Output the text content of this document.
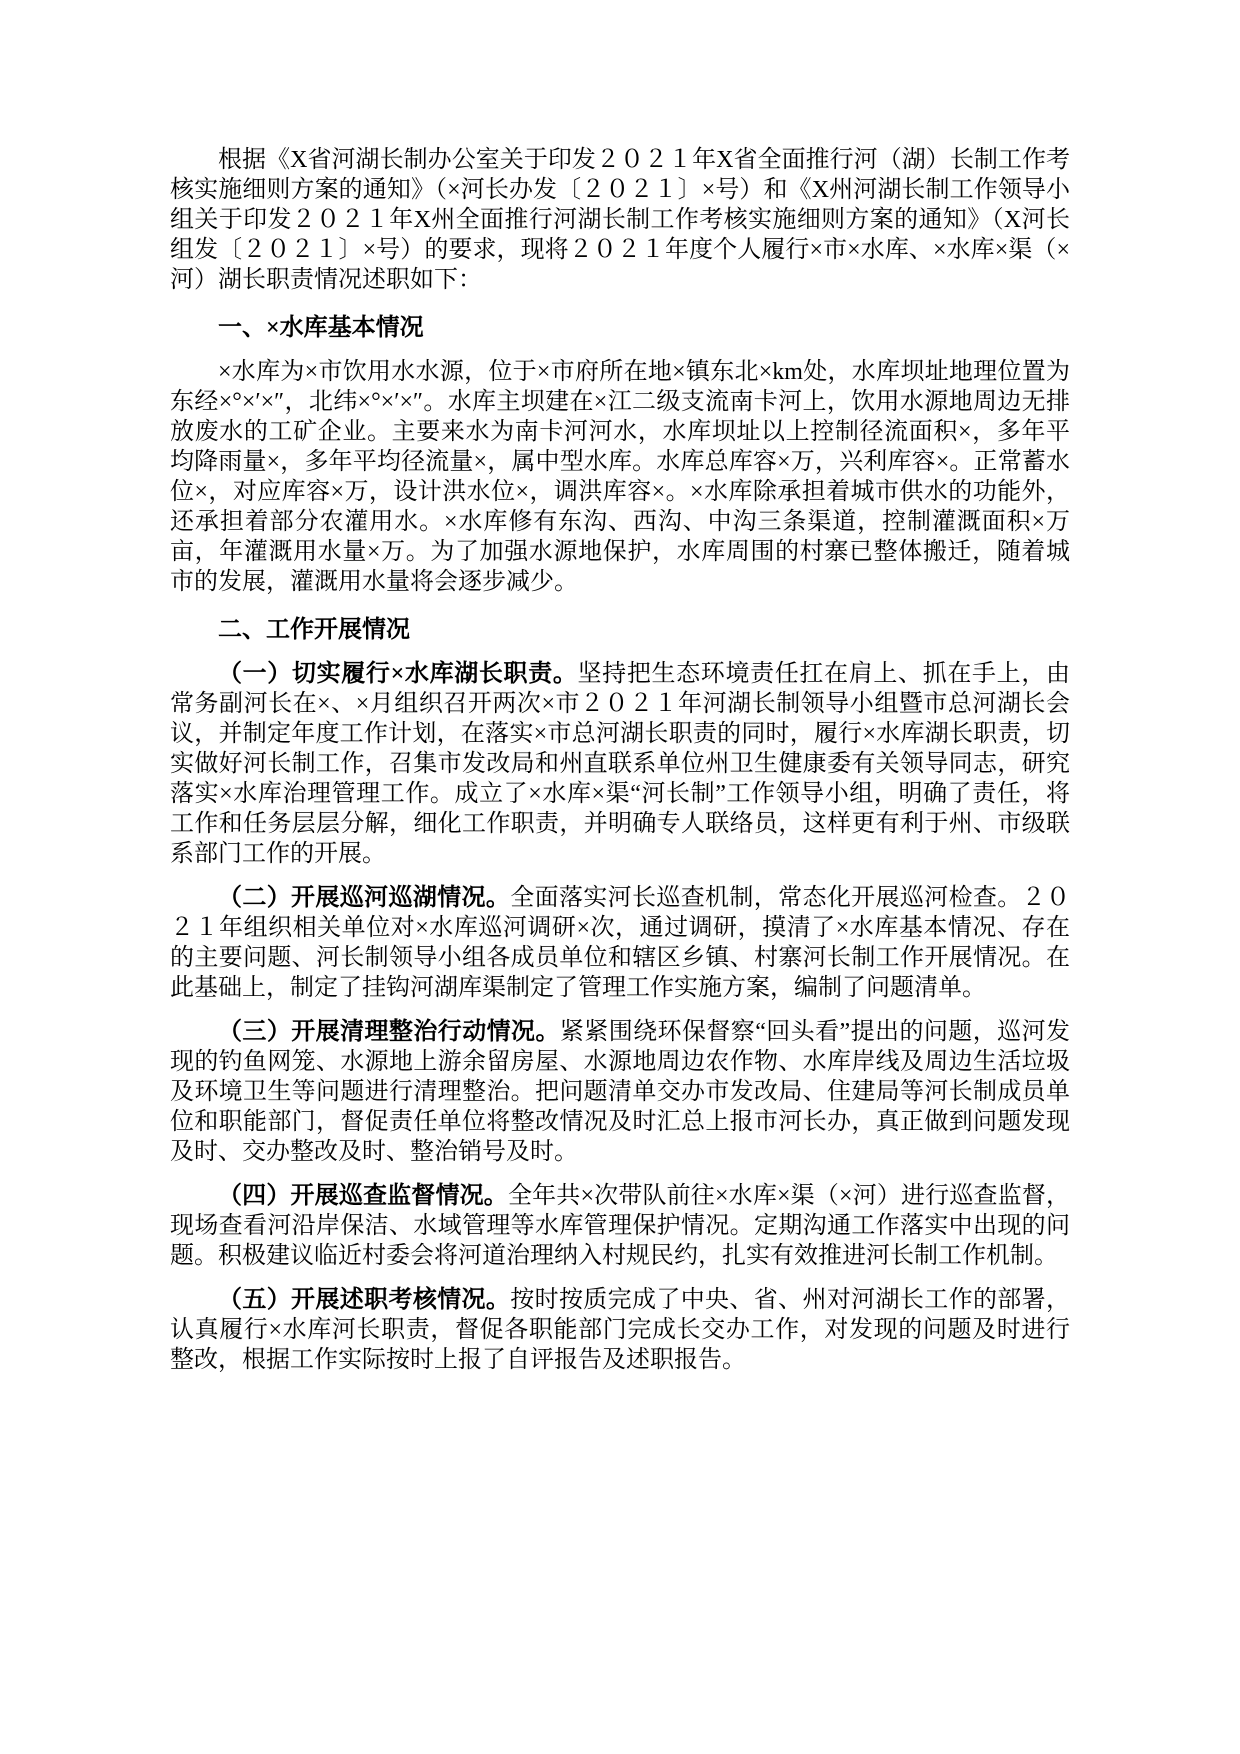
根据《X省河湖长制办公室关于印发２０２１年X省全面推行河（湖）长制工作考核实施细则方案的通知》（×河长办发〔２０２１〕×号）和《X州河湖长制工作领导小组关于印发２０２１年X州全面推行河湖长制工作考核实施细则方案的通知》（X河长组发〔２０２１〕×号）的要求，现将２０２１年度个人履行×市×水库、×水库×渠（×河）湖长职责情况述职如下：

一、×水库基本情况

×水库为×市饮用水水源，位于×市府所在地×镇东北×km处，水库坝址地理位置为东经×°×′×″，北纬×°×′×″。水库主坝建在×江二级支流南卡河上，饮用水源地周边无排放废水的工矿企业。主要来水为南卡河河水，水库坝址以上控制径流面积×，多年平均降雨量×，多年平均径流量×，属中型水库。水库总库容×万，兴利库容×。正常蓄水位×，对应库容×万，设计洪水位×，调洪库容×。×水库除承担着城市供水的功能外，还承担着部分农灌用水。×水库修有东沟、西沟、中沟三条渠道，控制灌溉面积×万亩，年灌溉用水量×万。为了加强水源地保护，水库周围的村寨已整体搬迁，随着城市的发展，灌溉用水量将会逐步减少。

二、工作开展情况

（一）切实履行×水库湖长职责。坚持把生态环境责任扛在肩上、抓在手上，由常务副河长在×、×月组织召开两次×市２０２１年河湖长制领导小组暨市总河湖长会议，并制定年度工作计划，在落实×市总河湖长职责的同时，履行×水库湖长职责，切实做好河长制工作，召集市发改局和州直联系单位州卫生健康委有关领导同志，研究落实×水库治理管理工作。成立了×水库×渠“河长制”工作领导小组，明确了责任，将工作和任务层层分解，细化工作职责，并明确专人联络员，这样更有利于州、市级联系部门工作的开展。

（二）开展巡河巡湖情况。全面落实河长巡查机制，常态化开展巡河检查。２０２１年组织相关单位对×水库巡河调研×次，通过调研，摸清了×水库基本情况、存在的主要问题、河长制领导小组各成员单位和辖区乡镇、村寨河长制工作开展情况。在此基础上，制定了挂钩河湖库渠制定了管理工作实施方案，编制了问题清单。

（三）开展清理整治行动情况。紧紧围绕环保督察“回头看”提出的问题，巡河发现的钓鱼网笼、水源地上游余留房屋、水源地周边农作物、水库岸线及周边生活垃圾及环境卫生等问题进行清理整治。把问题清单交办市发改局、住建局等河长制成员单位和职能部门，督促责任单位将整改情况及时汇总上报市河长办，真正做到问题发现及时、交办整改及时、整治销号及时。

（四）开展巡查监督情况。全年共×次带队前往×水库×渠（×河）进行巡查监督，现场查看河沿岸保洁、水域管理等水库管理保护情况。定期沟通工作落实中出现的问题。积极建议临近村委会将河道治理纳入村规民约，扎实有效推进河长制工作机制。

（五）开展述职考核情况。按时按质完成了中央、省、州对河湖长工作的部署，认真履行×水库河长职责，督促各职能部门完成长交办工作，对发现的问题及时进行整改，根据工作实际按时上报了自评报告及述职报告。
